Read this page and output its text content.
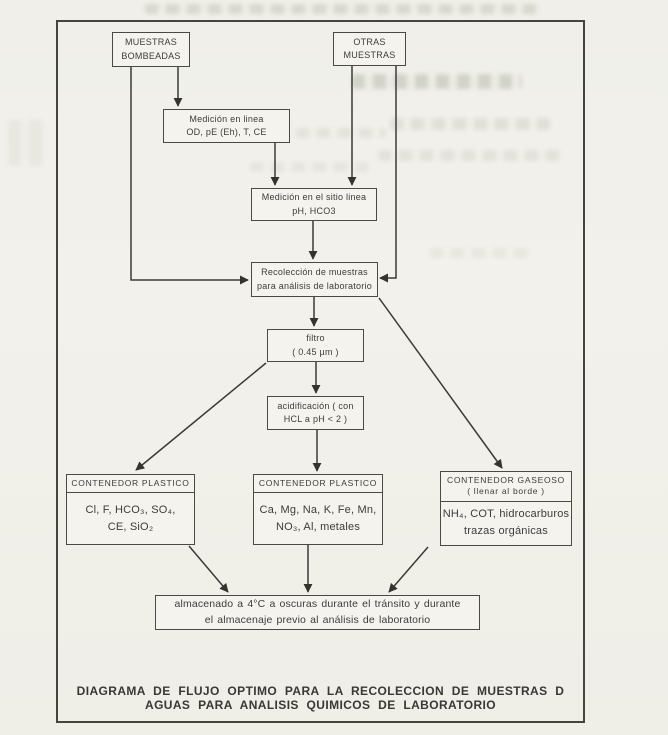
MUESTRAS
BOMBEADAS
OTRAS
MUESTRAS
Medición en linea
OD, pE (Eh), T, CE
Medición en el sitio linea
pH, HCO3
Recolección de muestras
para análisis de laboratorio
filtro
( 0.45 µm )
acidificación ( con
HCL a pH < 2 )
CONTENEDOR PLASTICO
Cl, F, HCO₃, SO₄,
CE, SiO₂
CONTENEDOR PLASTICO
Ca, Mg, Na, K, Fe, Mn,
NO₃, Al, metales
CONTENEDOR GASEOSO
( llenar al borde )
NH₄, COT, hidrocarburos
trazas orgánicas
almacenado a 4°C a oscuras durante el tránsito y durante
el almacenaje previo al análisis de laboratorio
DIAGRAMA DE FLUJO OPTIMO PARA LA RECOLECCION DE MUESTRAS D
AGUAS PARA ANALISIS QUIMICOS DE LABORATORIO
